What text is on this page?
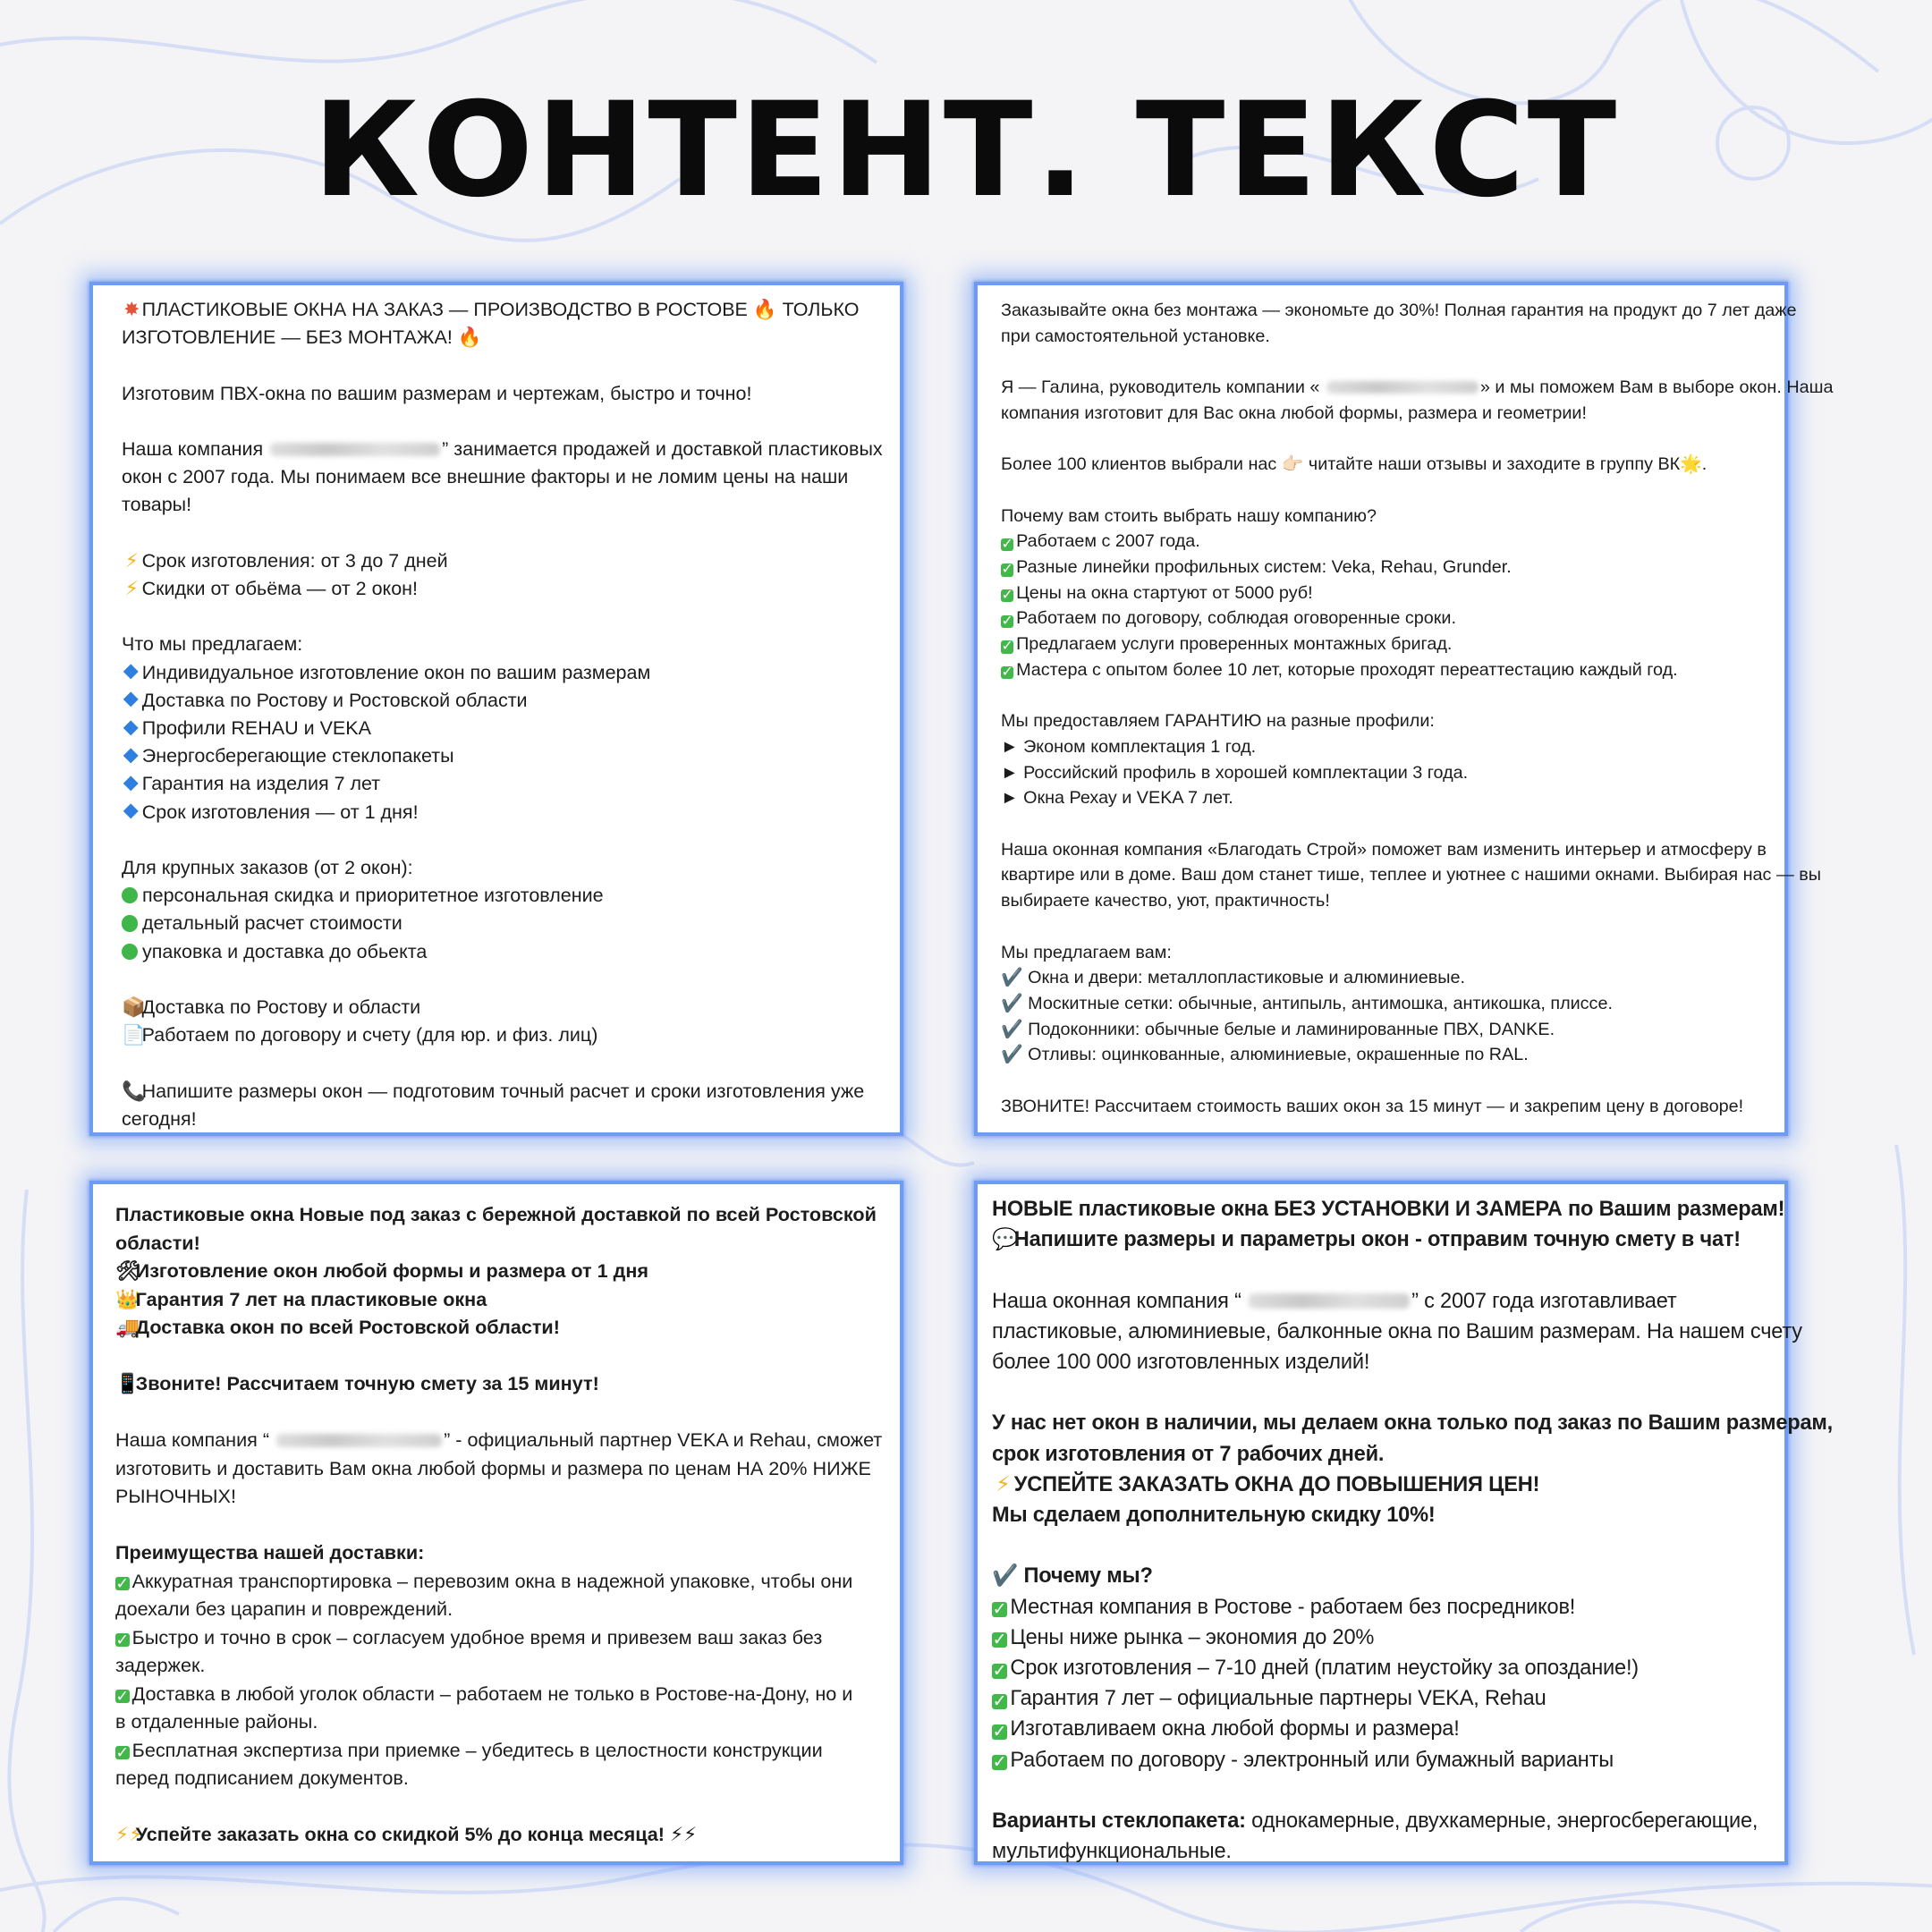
КОНТЕНТ. ТЕКСТ
✸ ПЛАСТИКОВЫЕ ОКНА НА ЗАКАЗ — ПРОИЗВОДСТВО В РОСТОВЕ 🔥 ТОЛЬКО
ИЗГОТОВЛЕНИЕ — БЕЗ МОНТАЖА! 🔥

Изготовим ПВХ-окна по вашим размерам и чертежам, быстро и точно!

Наша компания	” занимается продажей и доставкой пластиковых
окон с 2007 года. Мы понимаем все внешние факторы и не ломим цены на наши
товары!

⚡ Срок изготовления: от 3 до 7 дней
⚡ Скидки от обьёма — от 2 окон!

Что мы предлагаем:
Индивидуальное изготовление окон по вашим размерам
Доставка по Ростову и Ростовской области
Профили REHAU и VEKA
Энергосберегающие стеклопакеты
Гарантия на изделия 7 лет
Срок изготовления — от 1 дня!

Для крупных заказов (от 2 окон):
персональная скидка и приоритетное изготовление
детальный расчет стоимости
упаковка и доставка до обьекта

📦Доставка по Ростову и области
📄Работаем по договору и счету (для юр. и физ. лиц)

📞Напишите размеры окон — подготовим точный расчет и сроки изготовления уже
сегодня!
Заказывайте окна без монтажа — экономьте до 30%! Полная гарантия на продукт до 7 лет даже
при самостоятельной установке.

Я — Галина, руководитель компании «	» и мы поможем Вам в выборе окон. Наша
компания изготовит для Вас окна любой формы, размера и геометрии!

Более 100 клиентов выбрали нас 👉🏻 читайте наши отзывы и заходите в группу ВК🌟.

Почему вам стоить выбрать нашу компанию?
✓ Работаем с 2007 года.
✓ Разные линейки профильных систем: Veka, Rehau, Grunder.
✓ Цены на окна стартуют от 5000 руб!
✓ Работаем по договору, соблюдая оговоренные сроки.
✓ Предлагаем услуги проверенных монтажных бригад.
✓ Мастера с опытом более 10 лет, которые проходят переаттестацию каждый год.

Мы предоставляем ГАРАНТИЮ на разные профили:
► Эконом комплектация 1 год.
► Российский профиль в хорошей комплектации 3 года.
► Окна Рехау и VEKA 7 лет.

Наша оконная компания «Благодать Строй» поможет вам изменить интерьер и атмосферу в
квартире или в доме. Ваш дом станет тише, теплее и уютнее с нашими окнами. Выбирая нас — вы
выбираете качество, уют, практичность!

Мы предлагаем вам:
✔️ Окна и двери: металлопластиковые и алюминиевые.
✔️ Москитные сетки: обычные, антипыль, антимошка, антикошка, плиссе.
✔️ Подоконники: обычные белые и ламинированные ПВХ, DANKE.
✔️ Отливы: оцинкованные, алюминиевые, окрашенные по RAL.

ЗВОНИТЕ! Рассчитаем стоимость ваших окон за 15 минут — и закрепим цену в договоре!
Пластиковые окна Новые под заказ с бережной доставкой по всей Ростовской
области!
🛠Изготовление окон любой формы и размера от 1 дня
👑Гарантия 7 лет на пластиковые окна
🚚Доставка окон по всей Ростовской области!

📱Звоните! Рассчитаем точную смету за 15 минут!

Наша компания “	” - официальный партнер VEKA и Rehau, сможет
изготовить и доставить Вам окна любой формы и размера по ценам НА 20% НИЖЕ
РЫНОЧНЫХ!

Преимущества нашей доставки:
✓ Аккуратная транспортировка – перевозим окна в надежной упаковке, чтобы они
доехали без царапин и повреждений.
✓ Быстро и точно в срок – согласуем удобное время и привезем ваш заказ без
задержек.
✓ Доставка в любой уголок области – работаем не только в Ростове-на-Дону, но и
в отдаленные районы.
✓ Бесплатная экспертиза при приемке – убедитесь в целостности конструкции
перед подписанием документов.

⚡⚡Успейте заказать окна со скидкой 5% до конца месяца! ⚡⚡
НОВЫЕ пластиковые окна БЕЗ УСТАНОВКИ И ЗАМЕРА по Вашим размерам!
💬Напишите размеры и параметры окон - отправим точную смету в чат!

Наша оконная компания “	” с 2007 года изготавливает
пластиковые, алюминиевые, балконные окна по Вашим размерам. На нашем счету
более 100 000 изготовленных изделий!

У нас нет окон в наличии, мы делаем окна только под заказ по Вашим размерам,
срок изготовления от 7 рабочих дней.
⚡ УСПЕЙТЕ ЗАКАЗАТЬ ОКНА ДО ПОВЫШЕНИЯ ЦЕН!
Мы сделаем дополнительную скидку 10%!

✔️ Почему мы?
✓ Местная компания в Ростове - работаем без посредников!
✓ Цены ниже рынка – экономия до 20%
✓ Срок изготовления – 7-10 дней (платим неустойку за опоздание!)
✓ Гарантия 7 лет – официальные партнеры VEKA, Rehau
✓ Изготавливаем окна любой формы и размера!
✓ Работаем по договору - электронный или бумажный варианты

Варианты стеклопакета: однокамерные, двухкамерные, энергосберегающие,
мультифункциональные.
